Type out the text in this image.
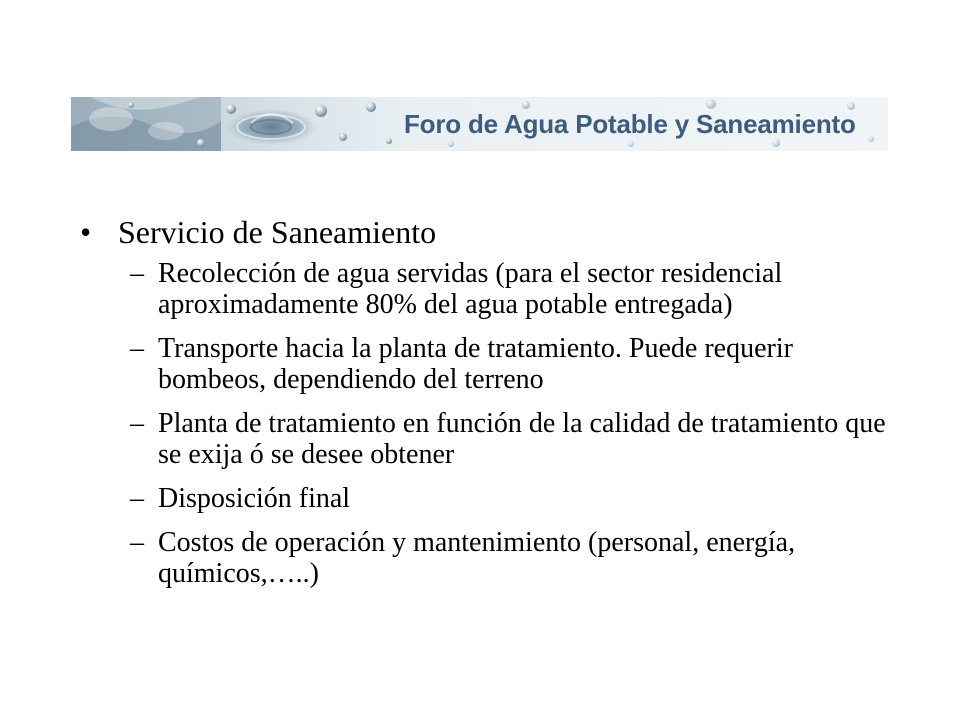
Foro de Agua Potable y Saneamiento
• Servicio de Saneamiento
– Recolección de agua servidas (para el sector residencial aproximadamente 80% del agua potable entregada)
– Transporte hacia la planta de tratamiento. Puede requerir bombeos, dependiendo del terreno
– Planta de tratamiento en función de la calidad de tratamiento que se exija ó se desee obtener
– Disposición final
– Costos de operación y mantenimiento (personal, energía, químicos,…..)
